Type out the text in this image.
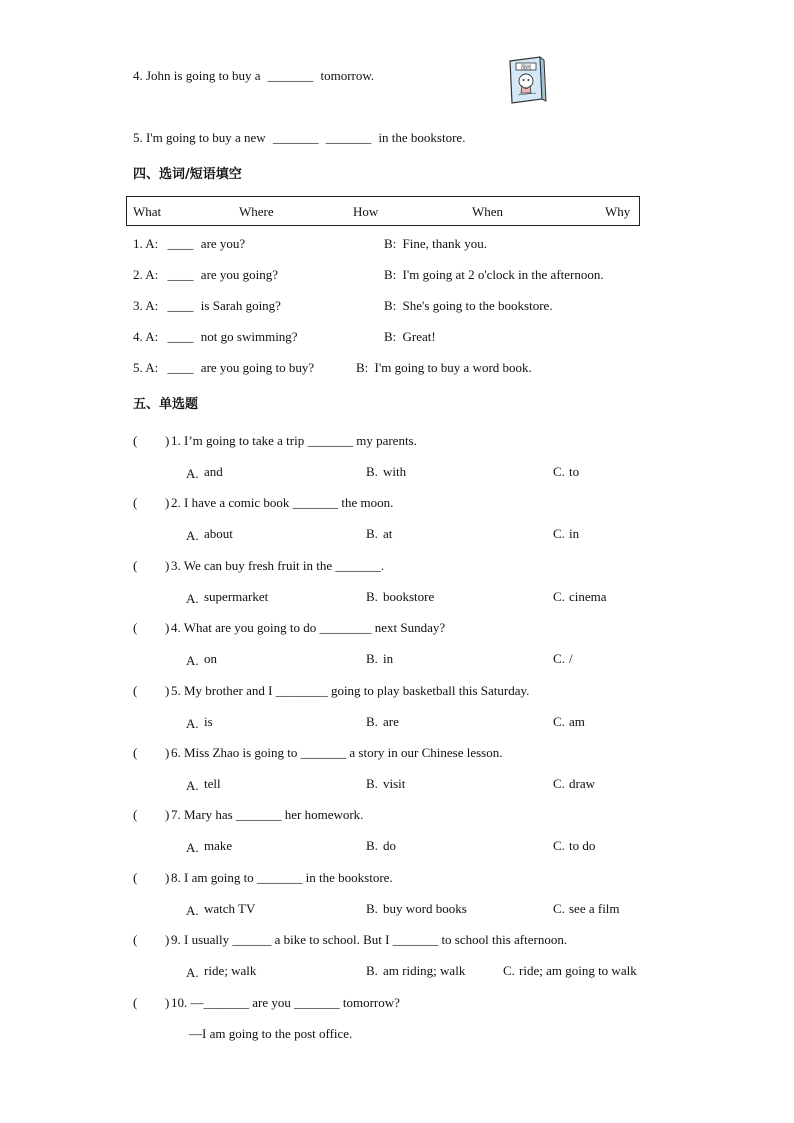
4. John is going to buy a _______ tomorrow.	漫画
5. I'm going to buy a new _______ _______ in the bookstore.
四、选词/短语填空
What	Where	How	When	Why
1. A: ____ are you?	B: Fine, thank you.
2. A: ____ are you going?	B: I'm going at 2 o'clock in the afternoon.
3. A: ____ is Sarah going?	B: She's going to the bookstore.
4. A: ____ not go swimming?	B: Great!
5. A: ____ are you going to buy?	B: I'm going to buy a word book.
五、单选题
( ) 1. I’m going to take a trip _______ my parents.
A. and	B. with	C. to
( ) 2. I have a comic book _______ the moon.
A. about	B. at	C. in
( ) 3. We can buy fresh fruit in the _______.
A. supermarket	B. bookstore	C. cinema
( ) 4. What are you going to do ________ next Sunday?
A. on	B. in	C. /
( ) 5. My brother and I ________ going to play basketball this Saturday.
A. is	B. are	C. am
( ) 6. Miss Zhao is going to _______ a story in our Chinese lesson.
A. tell	B. visit	C. draw
( ) 7. Mary has _______ her homework.
A. make	B. do	C. to do
( ) 8. I am going to _______ in the bookstore.
A. watch TV	B. buy word books	C. see a film
( ) 9. I usually ______ a bike to school. But I _______ to school this afternoon.
A. ride; walk	B. am riding; walk	C. ride; am going to walk
( ) 10. —_______ are you _______ tomorrow?
—I am going to the post office.
